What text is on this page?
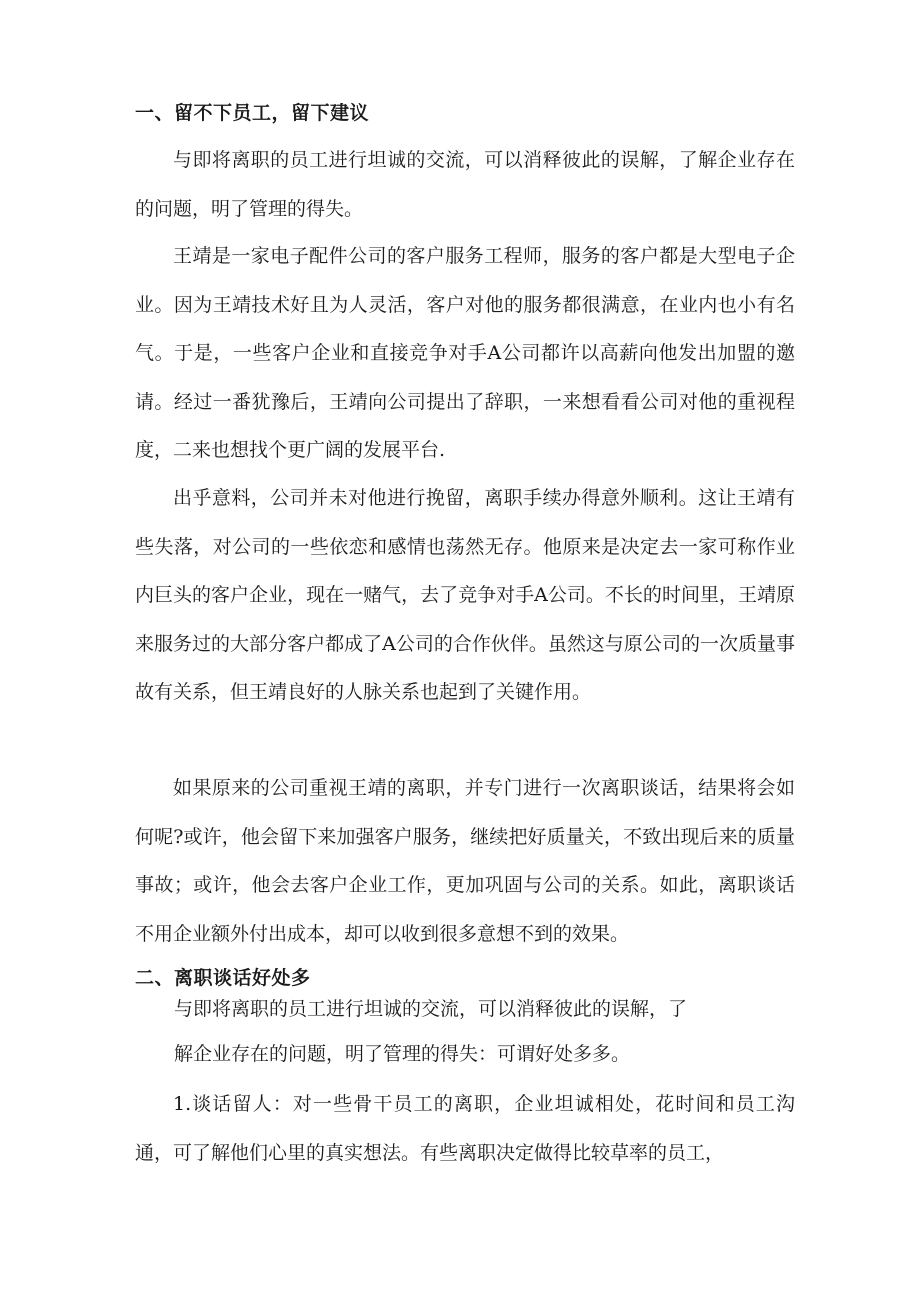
一、留不下员工，留下建议

与即将离职的员工进行坦诚的交流，可以消释彼此的误解，了解企业存在的问题，明了管理的得失。

王靖是一家电子配件公司的客户服务工程师，服务的客户都是大型电子企业。因为王靖技术好且为人灵活，客户对他的服务都很满意，在业内也小有名气。于是，一些客户企业和直接竞争对手A公司都许以高薪向他发出加盟的邀请。经过一番犹豫后，王靖向公司提出了辞职，一来想看看公司对他的重视程度，二来也想找个更广阔的发展平台.

出乎意料，公司并未对他进行挽留，离职手续办得意外顺利。这让王靖有些失落，对公司的一些依恋和感情也荡然无存。他原来是决定去一家可称作业内巨头的客户企业，现在一赌气，去了竞争对手A公司。不长的时间里，王靖原来服务过的大部分客户都成了A公司的合作伙伴。虽然这与原公司的一次质量事故有关系，但王靖良好的人脉关系也起到了关键作用。

如果原来的公司重视王靖的离职，并专门进行一次离职谈话，结果将会如何呢?或许，他会留下来加强客户服务，继续把好质量关，不致出现后来的质量事故；或许，他会去客户企业工作，更加巩固与公司的关系。如此，离职谈话不用企业额外付出成本，却可以收到很多意想不到的效果。

二、离职谈话好处多
与即将离职的员工进行坦诚的交流，可以消释彼此的误解，了
解企业存在的问题，明了管理的得失：可谓好处多多。

1.谈话留人：对一些骨干员工的离职，企业坦诚相处，花时间和员工沟通，可了解他们心里的真实想法。有些离职决定做得比较草率的员工，
